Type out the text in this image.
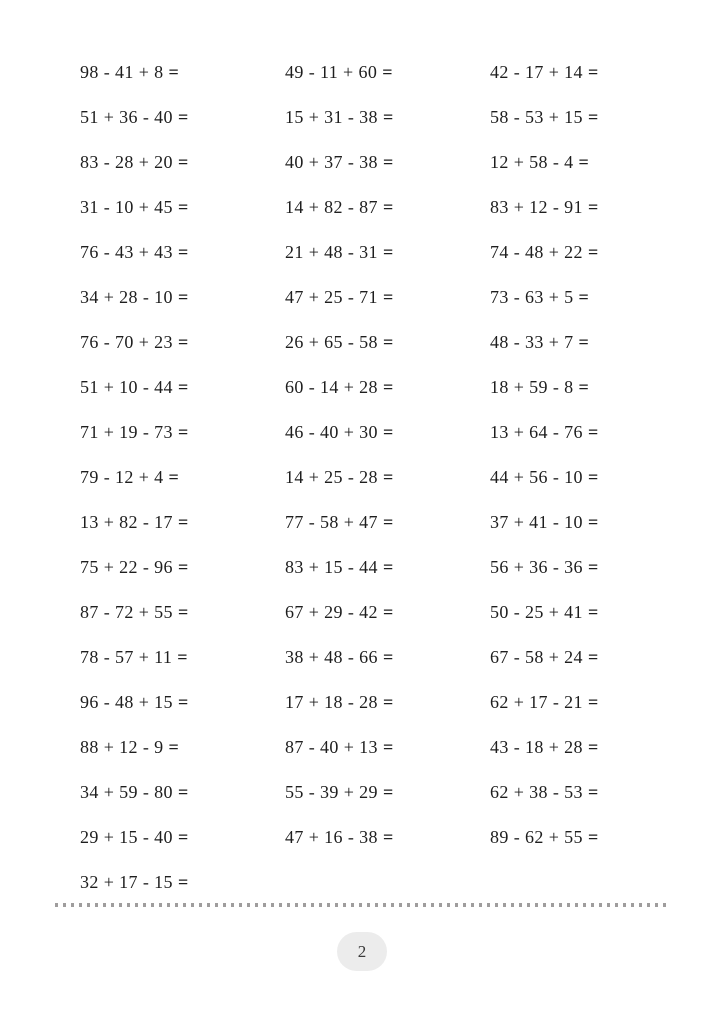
98 - 41 + 8 =	49 - 11 + 60 =	42 - 17 + 14 =
51 + 36 - 40 =	15 + 31 - 38 =	58 - 53 + 15 =
83 - 28 + 20 =	40 + 37 - 38 =	12 + 58 - 4 =
31 - 10 + 45 =	14 + 82 - 87 =	83 + 12 - 91 =
76 - 43 + 43 =	21 + 48 - 31 =	74 - 48 + 22 =
34 + 28 - 10 =	47 + 25 - 71 =	73 - 63 + 5 =
76 - 70 + 23 =	26 + 65 - 58 =	48 - 33 + 7 =
51 + 10 - 44 =	60 - 14 + 28 =	18 + 59 - 8 =
71 + 19 - 73 =	46 - 40 + 30 =	13 + 64 - 76 =
79 - 12 + 4 =	14 + 25 - 28 =	44 + 56 - 10 =
13 + 82 - 17 =	77 - 58 + 47 =	37 + 41 - 10 =
75 + 22 - 96 =	83 + 15 - 44 =	56 + 36 - 36 =
87 - 72 + 55 =	67 + 29 - 42 =	50 - 25 + 41 =
78 - 57 + 11 =	38 + 48 - 66 =	67 - 58 + 24 =
96 - 48 + 15 =	17 + 18 - 28 =	62 + 17 - 21 =
88 + 12 - 9 =	87 - 40 + 13 =	43 - 18 + 28 =
34 + 59 - 80 =	55 - 39 + 29 =	62 + 38 - 53 =
29 + 15 - 40 =	47 + 16 - 38 =	89 - 62 + 55 =
32 + 17 - 15 =
2
